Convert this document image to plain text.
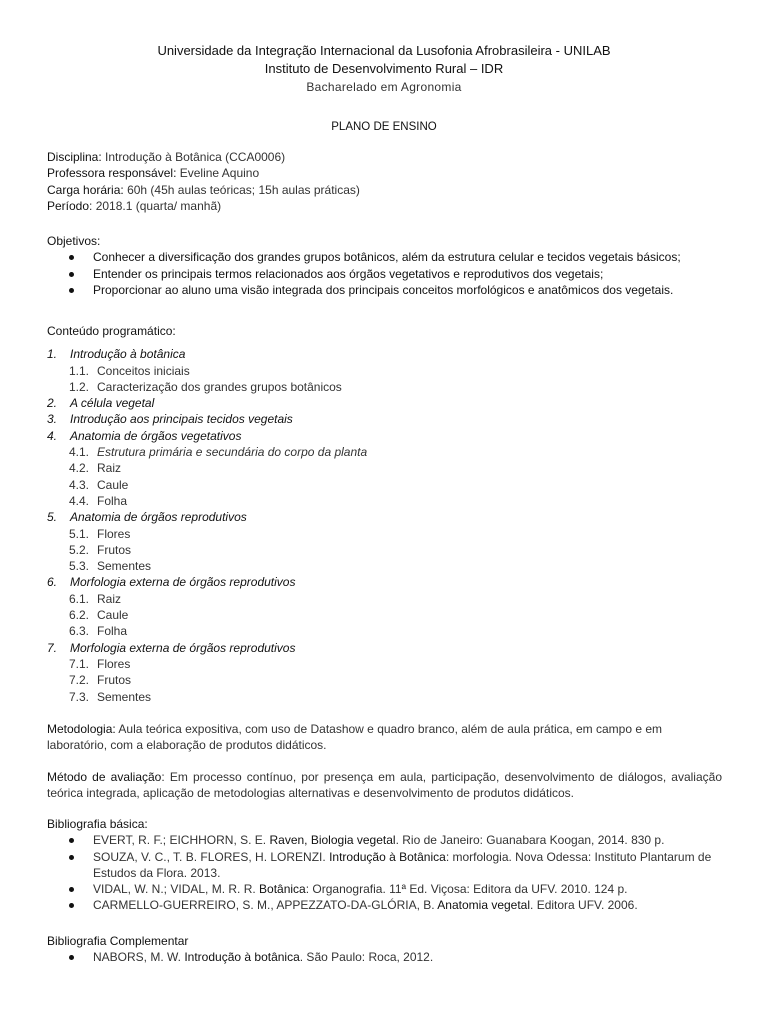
Universidade da Integração Internacional da Lusofonia Afrobrasileira - UNILAB
Instituto de Desenvolvimento Rural – IDR
Bacharelado em Agronomia
PLANO DE ENSINO
Disciplina: Introdução à Botânica (CCA0006)
Professora responsável: Eveline Aquino
Carga horária: 60h (45h aulas teóricas; 15h aulas práticas)
Período: 2018.1 (quarta/ manhã)
Objetivos:
Conhecer a diversificação dos grandes grupos botânicos, além da estrutura celular e tecidos vegetais básicos;
Entender os principais termos relacionados aos órgãos vegetativos e reprodutivos dos vegetais;
Proporcionar ao aluno uma visão integrada dos principais conceitos morfológicos e anatômicos dos vegetais.
Conteúdo programático:
1. Introdução à botânica
1.1. Conceitos iniciais
1.2. Caracterização dos grandes grupos botânicos
2. A célula vegetal
3. Introdução aos principais tecidos vegetais
4. Anatomia de órgãos vegetativos
4.1. Estrutura primária e secundária do corpo da planta
4.2. Raiz
4.3. Caule
4.4. Folha
5. Anatomia de órgãos reprodutivos
5.1. Flores
5.2. Frutos
5.3. Sementes
6. Morfologia externa de órgãos reprodutivos
6.1. Raiz
6.2. Caule
6.3. Folha
7. Morfologia externa de órgãos reprodutivos
7.1. Flores
7.2. Frutos
7.3. Sementes
Metodologia: Aula teórica expositiva, com uso de Datashow e quadro branco, além de aula prática, em campo e em laboratório, com a elaboração de produtos didáticos.
Método de avaliação: Em processo contínuo, por presença em aula, participação, desenvolvimento de diálogos, avaliação teórica integrada, aplicação de metodologias alternativas e desenvolvimento de produtos didáticos.
Bibliografia básica:
EVERT, R. F.; EICHHORN, S. E. Raven, Biologia vegetal. Rio de Janeiro: Guanabara Koogan, 2014. 830 p.
SOUZA, V. C., T. B. FLORES, H. LORENZI. Introdução à Botânica: morfologia. Nova Odessa: Instituto Plantarum de Estudos da Flora. 2013.
VIDAL, W. N.; VIDAL, M. R. R. Botânica: Organografia. 11ª Ed. Viçosa: Editora da UFV. 2010. 124 p.
CARMELLO-GUERREIRO, S. M., APPEZZATO-DA-GLÓRIA, B. Anatomia vegetal. Editora UFV. 2006.
Bibliografia Complementar
NABORS, M. W. Introdução à botânica. São Paulo: Roca, 2012.
